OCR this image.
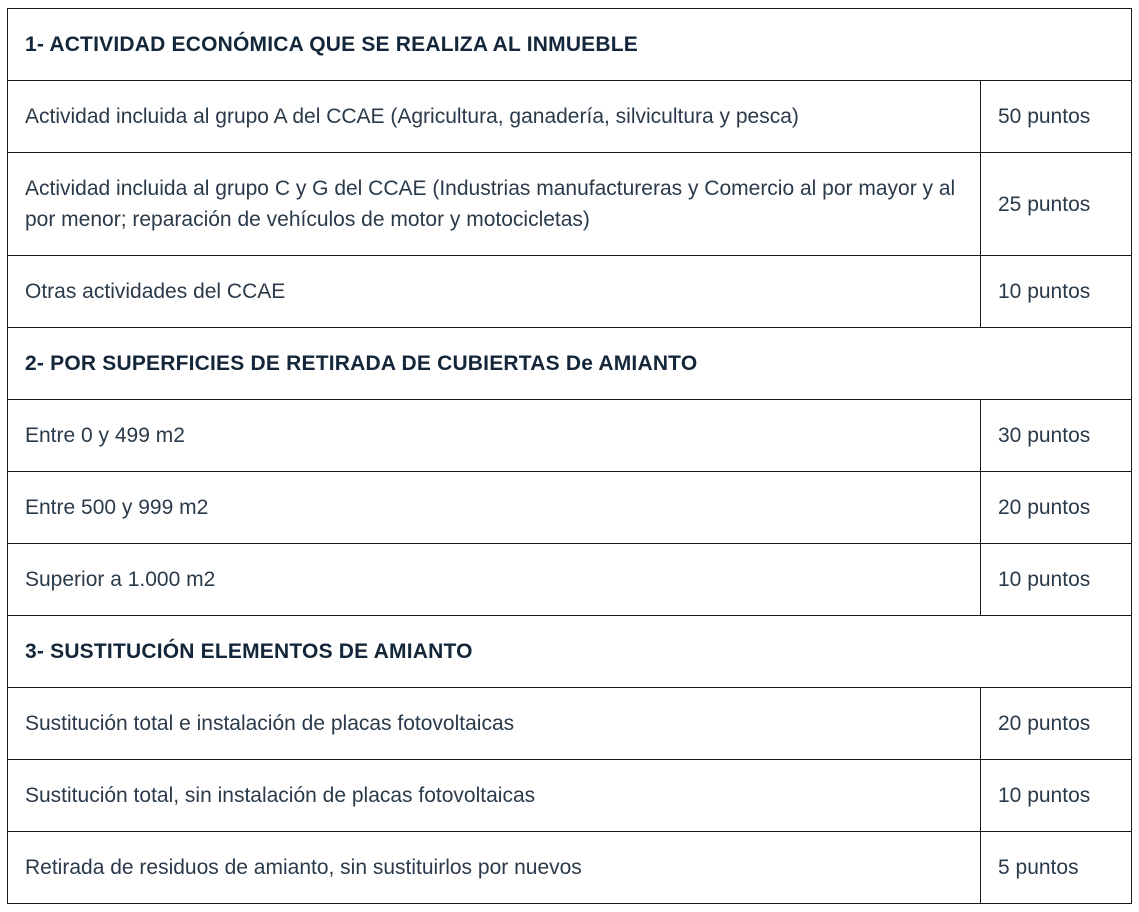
1- ACTIVIDAD ECONÓMICA QUE SE REALIZA AL INMUEBLE	
Actividad incluida al grupo A del CCAE (Agricultura, ganadería, silvicultura y pesca)	50 puntos
Actividad incluida al grupo C y G del CCAE (Industrias manufactureras y Comercio al por mayor y al por menor; reparación de vehículos de motor y motocicletas)	25 puntos
Otras actividades del CCAE	10 puntos
2- POR SUPERFICIES DE RETIRADA DE CUBIERTAS De AMIANTO	
Entre 0 y 499 m2	30 puntos
Entre 500 y 999 m2	20 puntos
Superior a 1.000 m2	10 puntos
3- SUSTITUCIÓN ELEMENTOS DE AMIANTO	
Sustitución total e instalación de placas fotovoltaicas	20 puntos
Sustitución total, sin instalación de placas fotovoltaicas	10 puntos
Retirada de residuos de amianto, sin sustituirlos por nuevos	5 puntos
